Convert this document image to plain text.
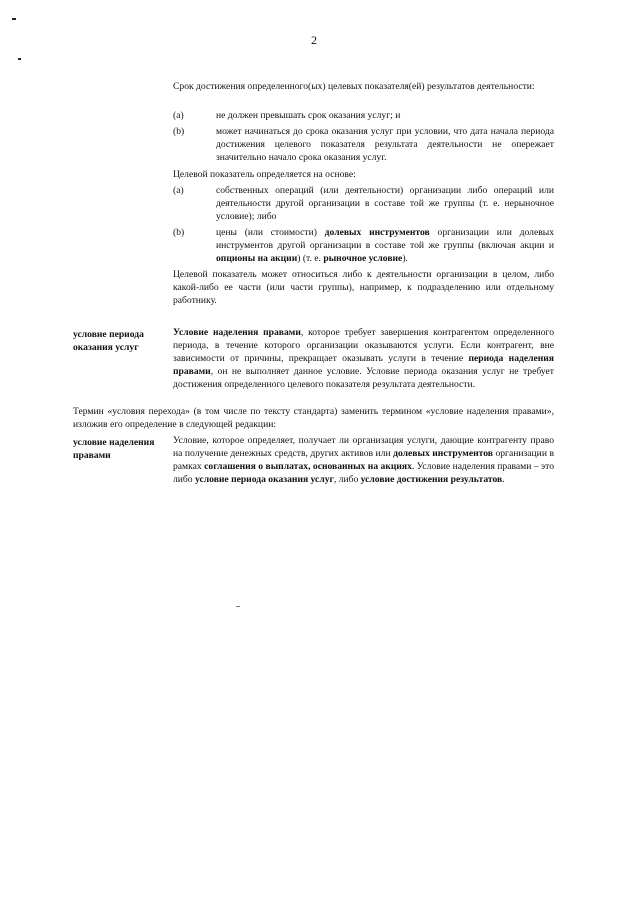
2
Срок достижения определенного(ых) целевых показателя(ей) результатов деятельности:
(a)	не должен превышать срок оказания услуг; и
(b)	может начинаться до срока оказания услуг при условии, что дата начала периода достижения целевого показателя результата деятельности не опережает значительно начало срока оказания услуг.
Целевой показатель определяется на основе:
(a)	собственных операций (или деятельности) организации либо операций или деятельности другой организации в составе той же группы (т. е. нерыночное условие); либо
(b)	цены (или стоимости) долевых инструментов организации или долевых инструментов другой организации в составе той же группы (включая акции и опционы на акции) (т. е. рыночное условие).
Целевой показатель может относиться либо к деятельности организации в целом, либо какой-либо ее части (или части группы), например, к подразделению или отдельному работнику.
условие периода оказания услуг
Условие наделения правами, которое требует завершения контрагентом определенного периода, в течение которого организации оказываются услуги. Если контрагент, вне зависимости от причины, прекращает оказывать услуги в течение периода наделения правами, он не выполняет данное условие. Условие периода оказания услуг не требует достижения определенного целевого показателя результата деятельности.
Термин «условия перехода» (в том числе по тексту стандарта) заменить термином «условие наделения правами», изложив его определение в следующей редакции:
условие наделения правами
Условие, которое определяет, получает ли организация услуги, дающие контрагенту право на получение денежных средств, других активов или долевых инструментов организации в рамках соглашения о выплатах, основанных на акциях. Условие наделения правами – это либо условие периода оказания услуг, либо условие достижения результатов.
